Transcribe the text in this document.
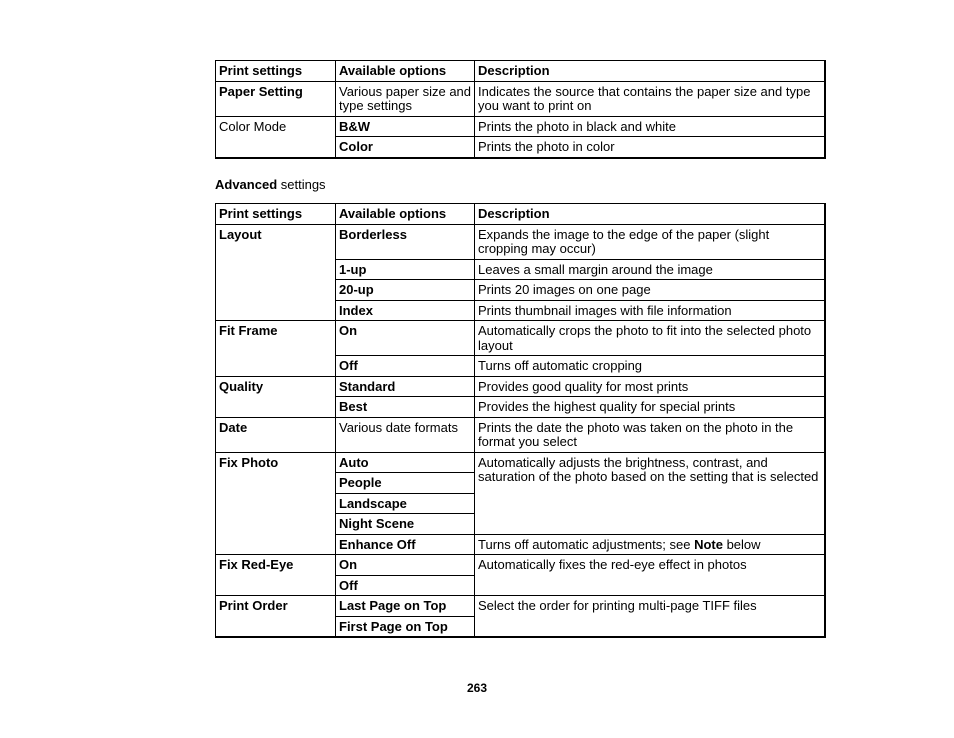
Print settings	Available options	Description
Paper Setting	Various paper size and type settings	Indicates the source that contains the paper size and type you want to print on
Color Mode	B&W	Prints the photo in black and white
	Color	Prints the photo in color
Advanced settings
Print settings	Available options	Description
Layout	Borderless	Expands the image to the edge of the paper (slight cropping may occur)
	1-up	Leaves a small margin around the image
	20-up	Prints 20 images on one page
	Index	Prints thumbnail images with file information
Fit Frame	On	Automatically crops the photo to fit into the selected photo layout
	Off	Turns off automatic cropping
Quality	Standard	Provides good quality for most prints
	Best	Provides the highest quality for special prints
Date	Various date formats	Prints the date the photo was taken on the photo in the format you select
Fix Photo	Auto	Automatically adjusts the brightness, contrast, and saturation of the photo based on the setting that is selected
	People	
	Landscape	
	Night Scene	
	Enhance Off	Turns off automatic adjustments; see Note below
Fix Red-Eye	On	Automatically fixes the red-eye effect in photos
	Off	
Print Order	Last Page on Top	Select the order for printing multi-page TIFF files
	First Page on Top	
263
